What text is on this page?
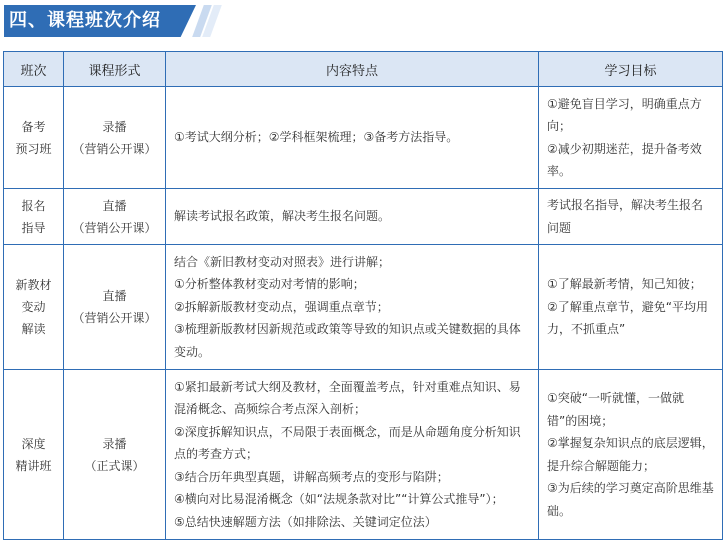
四、课程班次介绍
班次	课程形式	内容特点	学习目标

备考
预习班	录播
（营销公开课）	①考试大纲分析；②学科框架梳理；③备考方法指导。	①避免盲目学习，明确重点方向；
②减少初期迷茫，提升备考效率。

报名
指导	直播
（营销公开课）	解读考试报名政策，解决考生报名问题。	考试报名指导，解决考生报名问题

新教材
变动
解读	直播
（营销公开课）	结合《新旧教材变动对照表》进行讲解；
①分析整体教材变动对考情的影响；
②拆解新版教材变动点，强调重点章节；
③梳理新版教材因新规范或政策等导致的知识点或关键数据的具体变动。	①了解最新考情，知己知彼；
②了解重点章节，避免“平均用力，不抓重点”

深度
精讲班	录播
（正式课）	①紧扣最新考试大纲及教材，全面覆盖考点，针对重难点知识、易混淆概念、高频综合考点深入剖析；
②深度拆解知识点，不局限于表面概念，而是从命题角度分析知识点的考查方式；
③结合历年典型真题，讲解高频考点的变形与陷阱；
④横向对比易混淆概念（如“法规条款对比”“计算公式推导”）；
⑤总结快速解题方法（如排除法、关键词定位法）	①突破“一听就懂，一做就错”的困境；
②掌握复杂知识点的底层逻辑，提升综合解题能力；
③为后续的学习奠定高阶思维基础。
